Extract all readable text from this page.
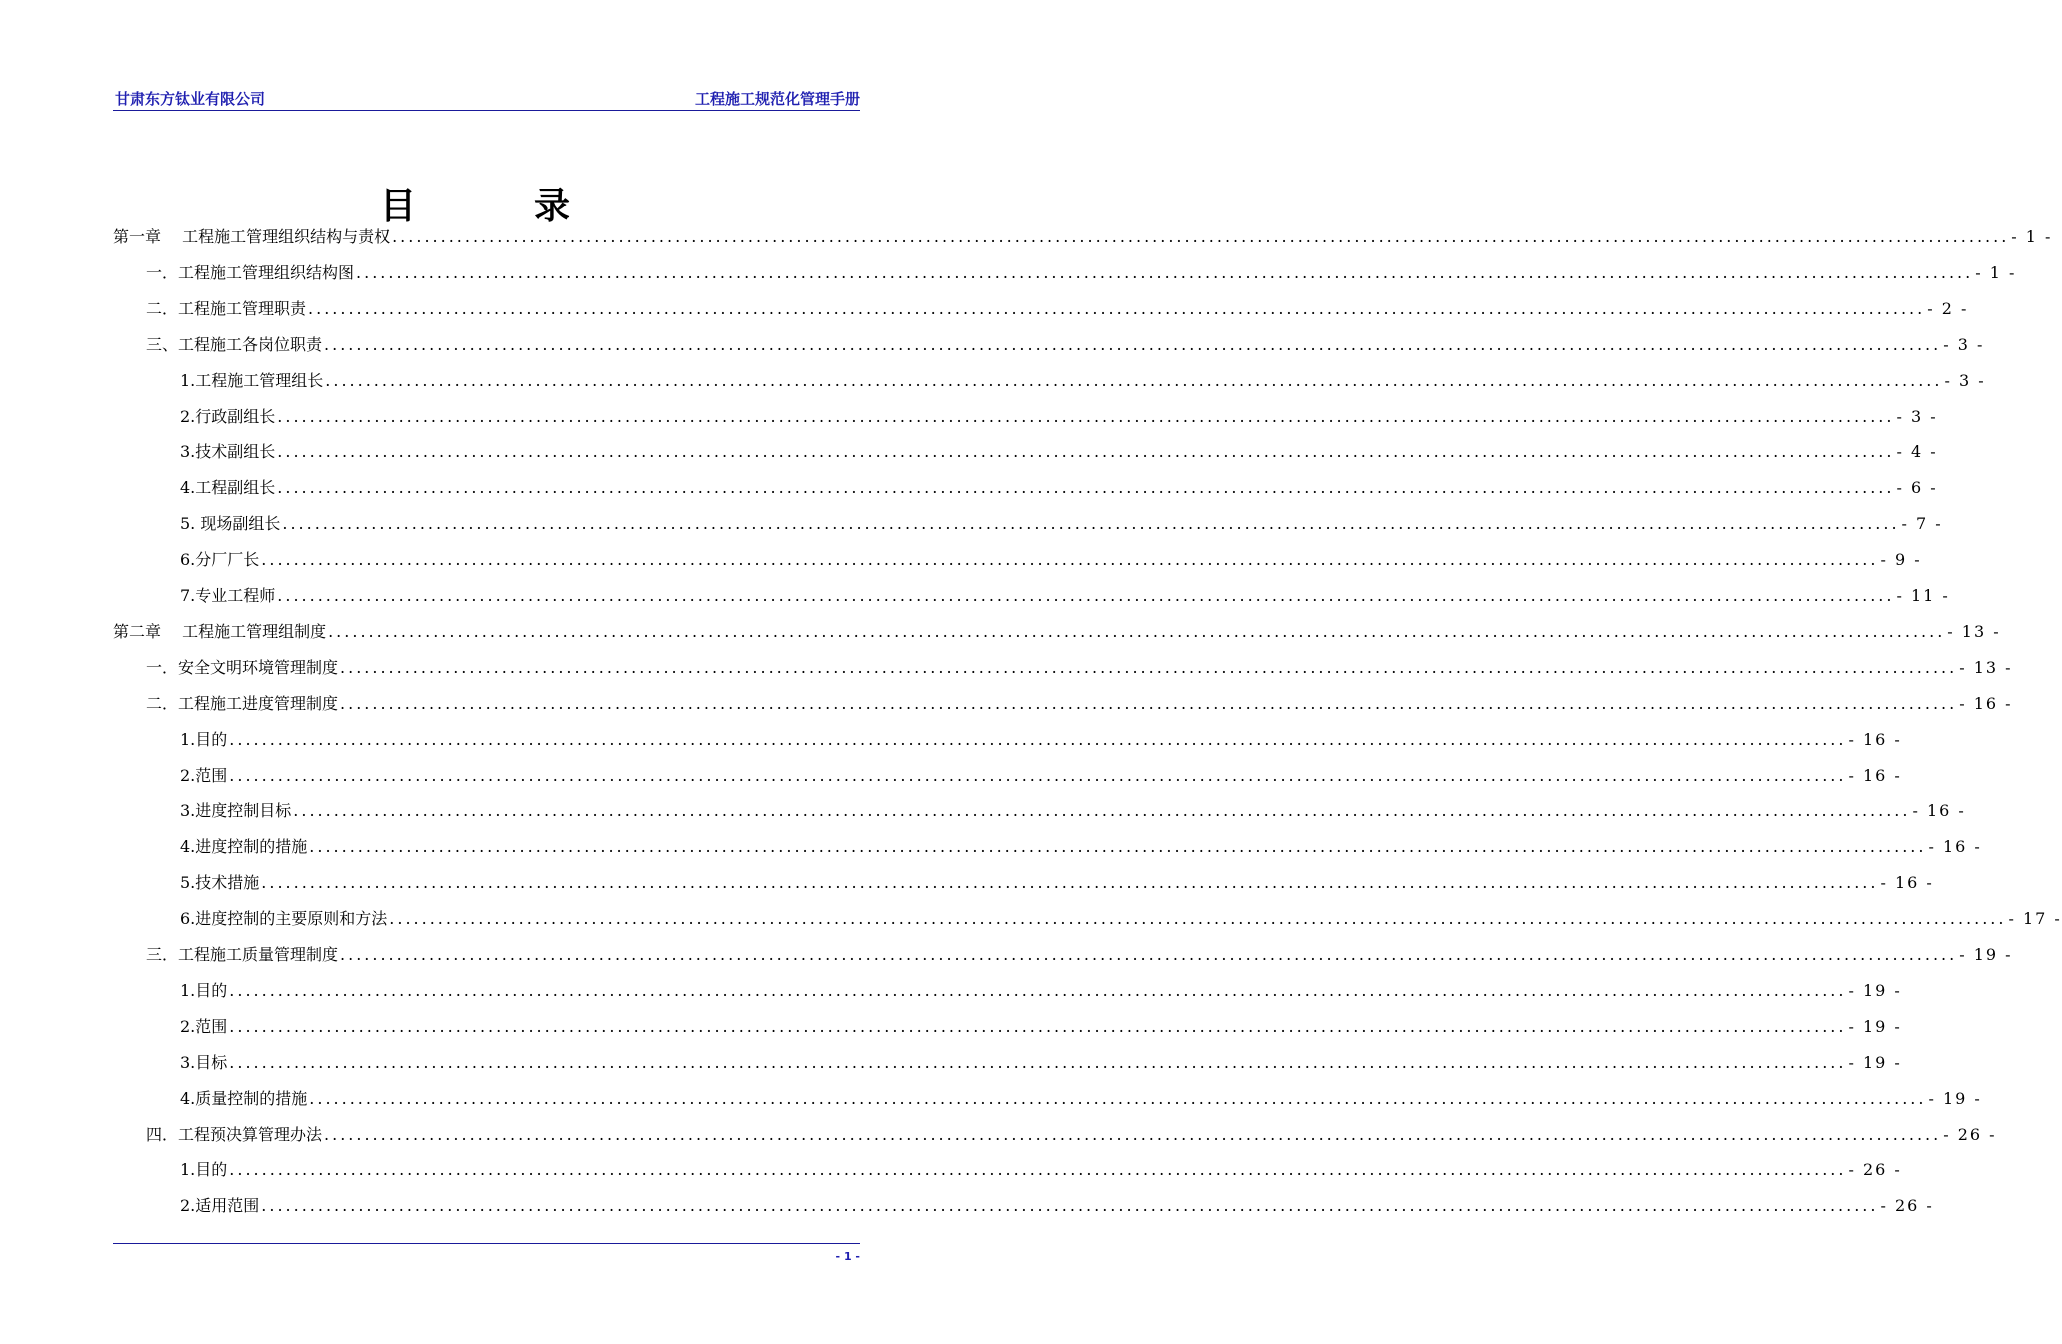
甘肃东方钛业有限公司	工程施工规范化管理手册
目	录
第一章　 工程施工管理组织结构与责权 ........................................................................................................................................................................................................ - 1 -
一．工程施工管理组织结构图 ........................................................................................................................................................................................................ - 1 -
二．工程施工管理职责 ........................................................................................................................................................................................................ - 2 -
三、工程施工各岗位职责 ........................................................................................................................................................................................................ - 3 -
1.工程施工管理组长 ........................................................................................................................................................................................................ - 3 -
2.行政副组长 ........................................................................................................................................................................................................ - 3 -
3.技术副组长 ........................................................................................................................................................................................................ - 4 -
4.工程副组长 ........................................................................................................................................................................................................ - 6 -
5. 现场副组长 ........................................................................................................................................................................................................ - 7 -
6.分厂厂长 ........................................................................................................................................................................................................ - 9 -
7.专业工程师 ........................................................................................................................................................................................................ - 11 -
第二章　 工程施工管理组制度 ........................................................................................................................................................................................................ - 13 -
一．安全文明环境管理制度 ........................................................................................................................................................................................................ - 13 -
二．工程施工进度管理制度 ........................................................................................................................................................................................................ - 16 -
1.目的 ........................................................................................................................................................................................................ - 16 -
2.范围 ........................................................................................................................................................................................................ - 16 -
3.进度控制目标 ........................................................................................................................................................................................................ - 16 -
4.进度控制的措施 ........................................................................................................................................................................................................ - 16 -
5.技术措施 ........................................................................................................................................................................................................ - 16 -
6.进度控制的主要原则和方法 ........................................................................................................................................................................................................ - 17 -
三．工程施工质量管理制度 ........................................................................................................................................................................................................ - 19 -
1.目的 ........................................................................................................................................................................................................ - 19 -
2.范围 ........................................................................................................................................................................................................ - 19 -
3.目标 ........................................................................................................................................................................................................ - 19 -
4.质量控制的措施 ........................................................................................................................................................................................................ - 19 -
四．工程预决算管理办法 ........................................................................................................................................................................................................ - 26 -
1.目的 ........................................................................................................................................................................................................ - 26 -
2.适用范围 ........................................................................................................................................................................................................ - 26 -
- 1 -
